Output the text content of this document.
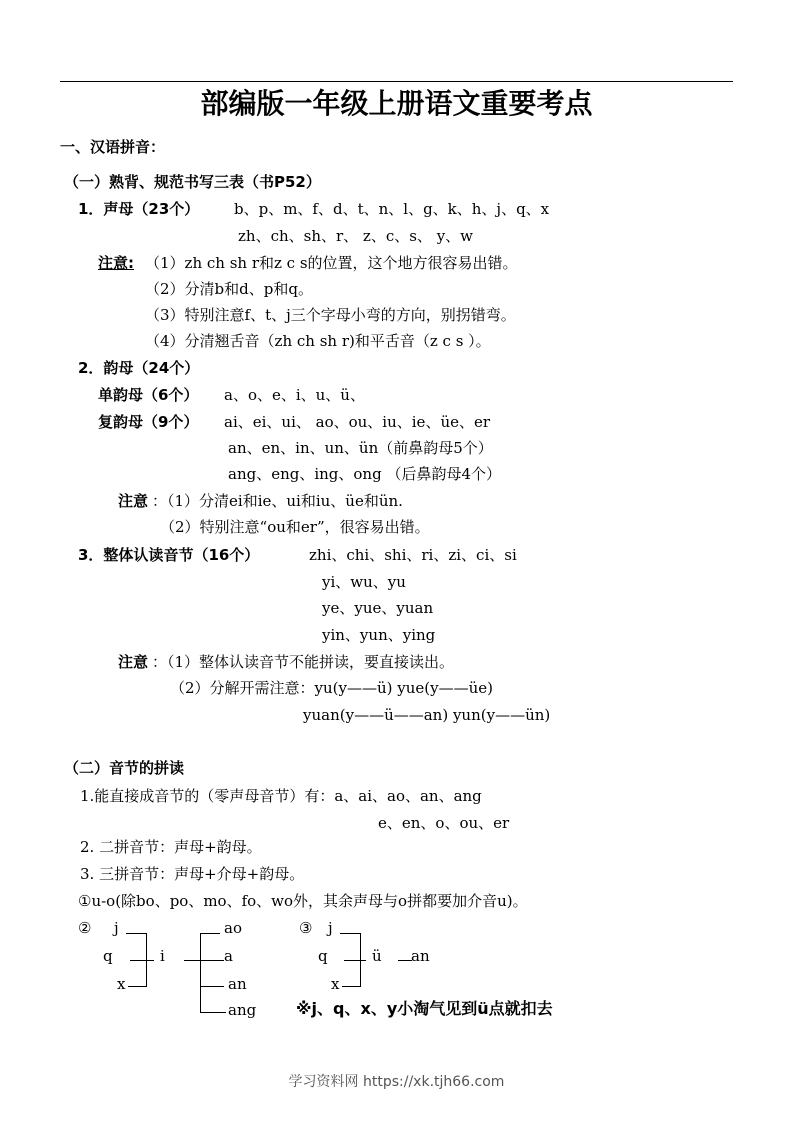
部编版一年级上册语文重要考点
一、汉语拼音：
（一）熟背、规范书写三表（书P52）
1．声母（23个） b、p、m、f、d、t、n、l、g、k、h、j、q、x
zh、ch、sh、r、 z、c、s、 y、w
注意: （1）zh ch sh r和z c s的位置，这个地方很容易出错。
（2）分清b和d、p和q。
（3）特别注意f、t、j三个字母小弯的方向，别拐错弯。
（4）分清翘舌音（zh ch sh r)和平舌音（z c s ）。
2．韵母（24个）
单韵母（6个） a、o、e、i、u、ü、
复韵母（9个） ai、ei、ui、 ao、ou、iu、ie、üe、er
an、en、in、un、ün（前鼻韵母5个）
ang、eng、ing、ong （后鼻韵母4个）
注意 ：（1）分清ei和ie、ui和iu、üe和ün.
（2）特别注意“ou和er”，很容易出错。
3．整体认读音节（16个）	zhi、chi、shi、ri、zi、ci、si
yi、wu、yu
ye、yue、yuan
yin、yun、ying
注意 ：（1）整体认读音节不能拼读，要直接读出。
（2）分解开需注意：yu(y——ü) yue(y——üe)
yuan(y——ü——an) yun(y——ün)
（二）音节的拼读
1.能直接成音节的（零声母音节）有：a、ai、ao、an、ang
e、en、o、ou、er
2. 二拼音节：声母+韵母。
3. 三拼音节：声母+介母+韵母。
①u-o(除bo、po、mo、fo、wo外，其余声母与o拼都要加介音u)。
② j
q
x
i
ao
a
an
ang
③ j
q
x
ü an
※j、q、x、y小淘气见到ü点就扣去
学习资料网 https://xk.tjh66.com
